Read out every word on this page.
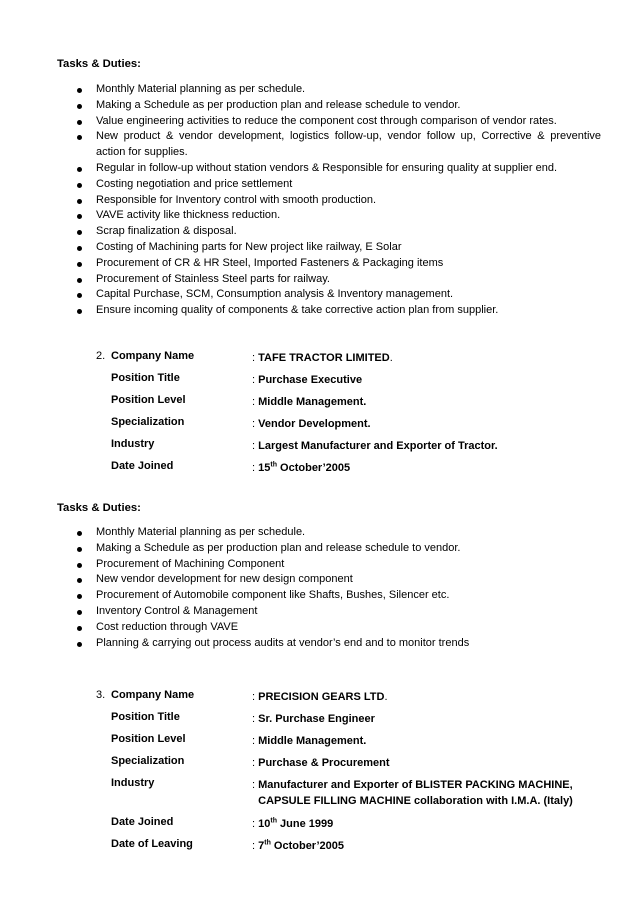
Tasks & Duties:
Monthly Material planning as per schedule.
Making a Schedule as per production plan and release schedule to vendor.
Value engineering activities to reduce the component cost through comparison of vendor rates.
New product & vendor development, logistics follow-up, vendor follow up, Corrective & preventive action for supplies.
Regular in follow-up without station vendors & Responsible for ensuring quality at supplier end.
Costing negotiation and price settlement
Responsible for Inventory control with smooth production.
VAVE activity like thickness reduction.
Scrap finalization & disposal.
Costing of Machining parts for New project like railway, E Solar
Procurement of CR & HR Steel, Imported Fasteners & Packaging items
Procurement of Stainless Steel parts for railway.
Capital Purchase, SCM, Consumption analysis & Inventory management.
Ensure incoming quality of components & take corrective action plan from supplier.
2. Company Name	: TAFE TRACTOR LIMITED.
Position Title	: Purchase Executive
Position Level	: Middle Management.
Specialization	: Vendor Development.
Industry	: Largest Manufacturer and Exporter of Tractor.
Date Joined	: 15th October’2005
Tasks & Duties:
Monthly Material planning as per schedule.
Making a Schedule as per production plan and release schedule to vendor.
Procurement of Machining Component
New vendor development for new design component
Procurement of Automobile component like Shafts, Bushes, Silencer etc.
Inventory Control & Management
Cost reduction through VAVE
Planning & carrying out process audits at vendor’s end and to monitor trends
3. Company Name	: PRECISION GEARS LTD.
Position Title	: Sr. Purchase Engineer
Position Level	: Middle Management.
Specialization	: Purchase & Procurement
Industry	: Manufacturer and Exporter of BLISTER PACKING MACHINE,
CAPSULE FILLING MACHINE collaboration with I.M.A. (Italy)
Date Joined	: 10th June 1999
Date of Leaving	: 7th October’2005
